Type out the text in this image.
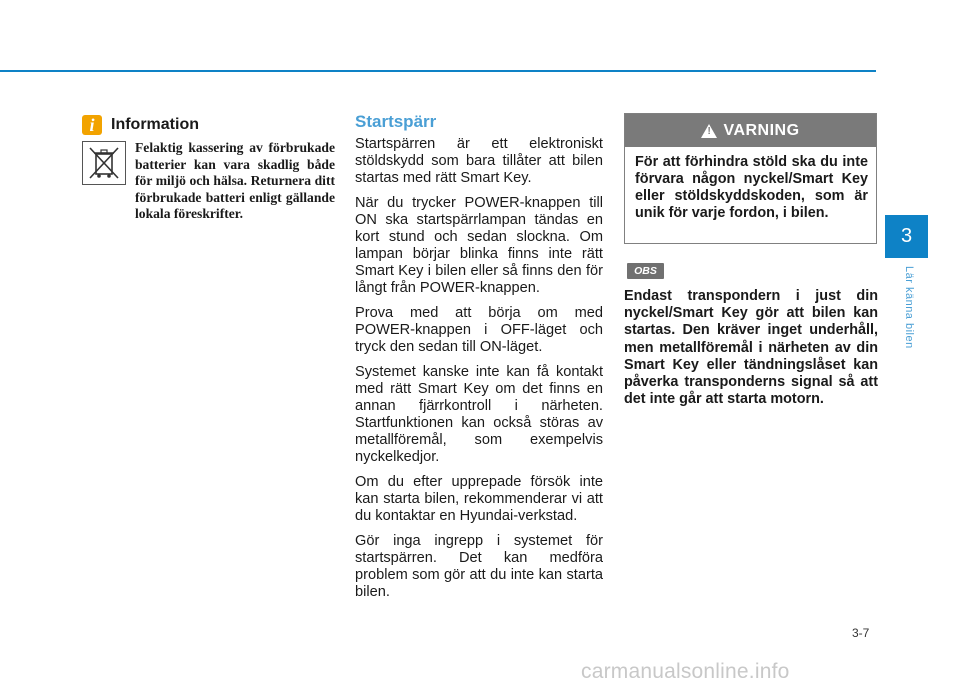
i	Information
Felaktig kassering av förbrukade batterier kan vara skadlig både för miljö och hälsa. Returnera ditt förbrukade batteri enligt gällande lokala föreskrifter.
Startspärr

Startspärren är ett elektroniskt stöldskydd som bara tillåter att bilen startas med rätt Smart Key.

När du trycker POWER-knappen till ON ska startspärrlampan tändas en kort stund och sedan slockna. Om lampan börjar blinka finns inte rätt Smart Key i bilen eller så finns den för långt från POWER-knappen.

Prova med att börja om med POWER-knappen i OFF-läget och tryck den sedan till ON-läget.

Systemet kanske inte kan få kontakt med rätt Smart Key om det finns en annan fjärrkontroll i närheten. Startfunktionen kan också störas av metallföremål, som exempelvis nyckelkedjor.

Om du efter upprepade försök inte kan starta bilen, rekommenderar vi att du kontaktar en Hyundai-verkstad.

Gör inga ingrepp i systemet för startspärren. Det kan medföra problem som gör att du inte kan starta bilen.

! VARNING
För att förhindra stöld ska du inte förvara någon nyckel/Smart Key eller stöldskyddskoden, som är unik för varje fordon, i bilen.
OBS
Endast transpondern i just din nyckel/Smart Key gör att bilen kan startas. Den kräver inget underhåll, men metallföremål i närheten av din Smart Key eller tändningslåset kan påverka transponderns signal så att det inte går att starta motorn.
3
Lär känna bilen
3-7
carmanualsonline.info
